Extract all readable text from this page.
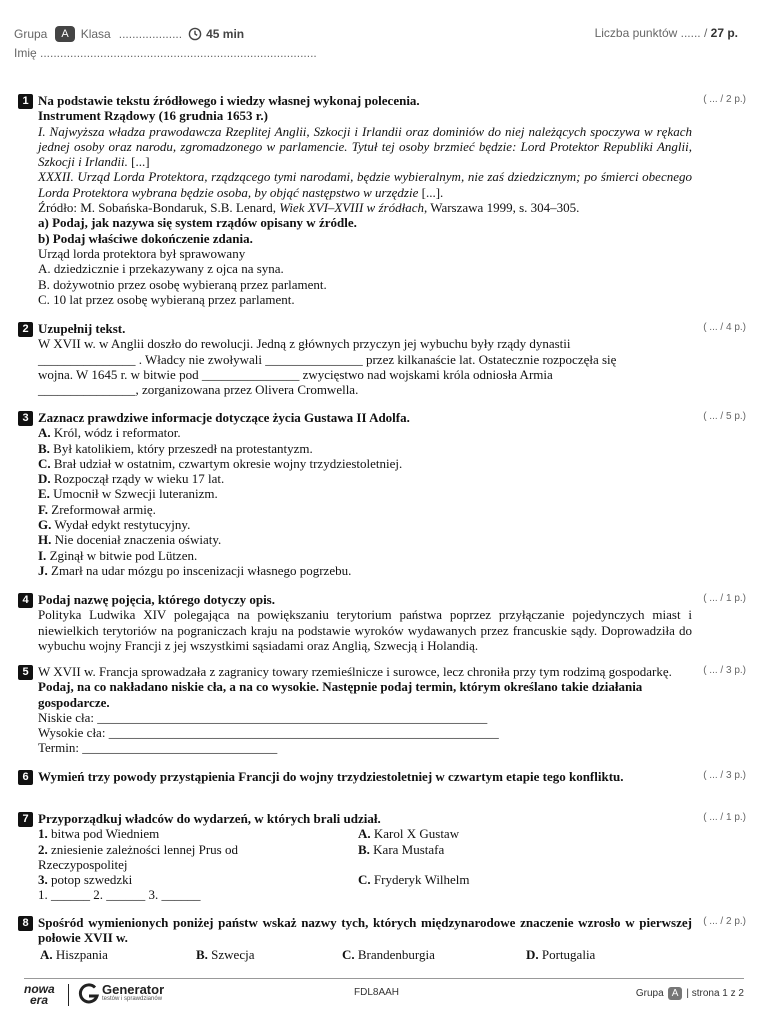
Grupa	A	Klasa ................... 45 min	Liczba punktów ...... / 27 p.
Imię ...................................................................................
1	( ... / 2 p.)
Na podstawie tekstu źródłowego i wiedzy własnej wykonaj polecenia.
Instrument Rządowy (16 grudnia 1653 r.)
I. Najwyższa władza prawodawcza Rzeplitej Anglii, Szkocji i Irlandii oraz dominiów do niej należących spoczywa w rękach jednej osoby oraz narodu, zgromadzonego w parlamencie. Tytuł tej osoby brzmieć będzie: Lord Protektor Republiki Anglii, Szkocji i Irlandii. [...]
XXXII. Urząd Lorda Protektora, rządzącego tymi narodami, będzie wybieralnym, nie zaś dziedzicznym; po śmierci obecnego Lorda Protektora wybrana będzie osoba, by objąć następstwo w urzędzie [...].
Źródło: M. Sobańska-Bondaruk, S.B. Lenard, Wiek XVI–XVIII w źródłach, Warszawa 1999, s. 304–305.
a) Podaj, jak nazywa się system rządów opisany w źródle.
b) Podaj właściwe dokończenie zdania.
Urząd lorda protektora był sprawowany
A. dziedzicznie i przekazywany z ojca na syna.
B. dożywotnio przez osobę wybieraną przez parlament.
C. 10 lat przez osobę wybieraną przez parlament.
2	( ... / 4 p.)
Uzupełnij tekst.
W XVII w. w Anglii doszło do rewolucji. Jedną z głównych przyczyn jej wybuchu były rządy dynastii
_______________ . Władcy nie zwoływali _______________ przez kilkanaście lat. Ostatecznie rozpoczęła się
wojna. W 1645 r. w bitwie pod _______________ zwycięstwo nad wojskami króla odniosła Armia
_______________, zorganizowana przez Olivera Cromwella.
3	( ... / 5 p.)
Zaznacz prawdziwe informacje dotyczące życia Gustawa II Adolfa.
A. Król, wódz i reformator.
B. Był katolikiem, który przeszedł na protestantyzm.
C. Brał udział w ostatnim, czwartym okresie wojny trzydziestoletniej.
D. Rozpoczął rządy w wieku 17 lat.
E. Umocnił w Szwecji luteranizm.
F. Zreformował armię.
G. Wydał edykt restytucyjny.
H. Nie doceniał znaczenia oświaty.
I. Zginął w bitwie pod Lützen.
J. Zmarł na udar mózgu po inscenizacji własnego pogrzebu.
4	( ... / 1 p.)
Podaj nazwę pojęcia, którego dotyczy opis.
Polityka Ludwika XIV polegająca na powiększaniu terytorium państwa poprzez przyłączanie pojedynczych miast i niewielkich terytoriów na pograniczach kraju na podstawie wyroków wydawanych przez francuskie sądy. Doprowadziła do wybuchu wojny Francji z jej wszystkimi sąsiadami oraz Anglią, Szwecją i Holandią.
5	( ... / 3 p.)
W XVII w. Francja sprowadzała z zagranicy towary rzemieślnicze i surowce, lecz chroniła przy tym rodzimą gospodarkę. Podaj, na co nakładano niskie cła, a na co wysokie. Następnie podaj termin, którym określano takie działania gospodarcze.
Niskie cła: ____________________________________________________________
Wysokie cła: ____________________________________________________________
Termin: ______________________________
6	( ... / 3 p.)
Wymień trzy powody przystąpienia Francji do wojny trzydziestoletniej w czwartym etapie tego konfliktu.
7	( ... / 1 p.)
Przyporządkuj władców do wydarzeń, w których brali udział.
1. bitwa pod Wiedniem	A. Karol X Gustaw
2. zniesienie zależności lennej Prus od
Rzeczypospolitej
B. Kara Mustafa
3. potop szwedzki	C. Fryderyk Wilhelm
1. ______ 2. ______ 3. ______
8	( ... / 2 p.)
Spośród wymienionych poniżej państw wskaż nazwy tych, których międzynarodowe znaczenie wzrosło w pierwszej połowie XVII w.
A. Hiszpania	B. Szwecja	C. Brandenburgia	D. Portugalia
nowa
era
Generator
testów i sprawdzianów
FDL8AAH	Grupa A | strona 1 z 2
